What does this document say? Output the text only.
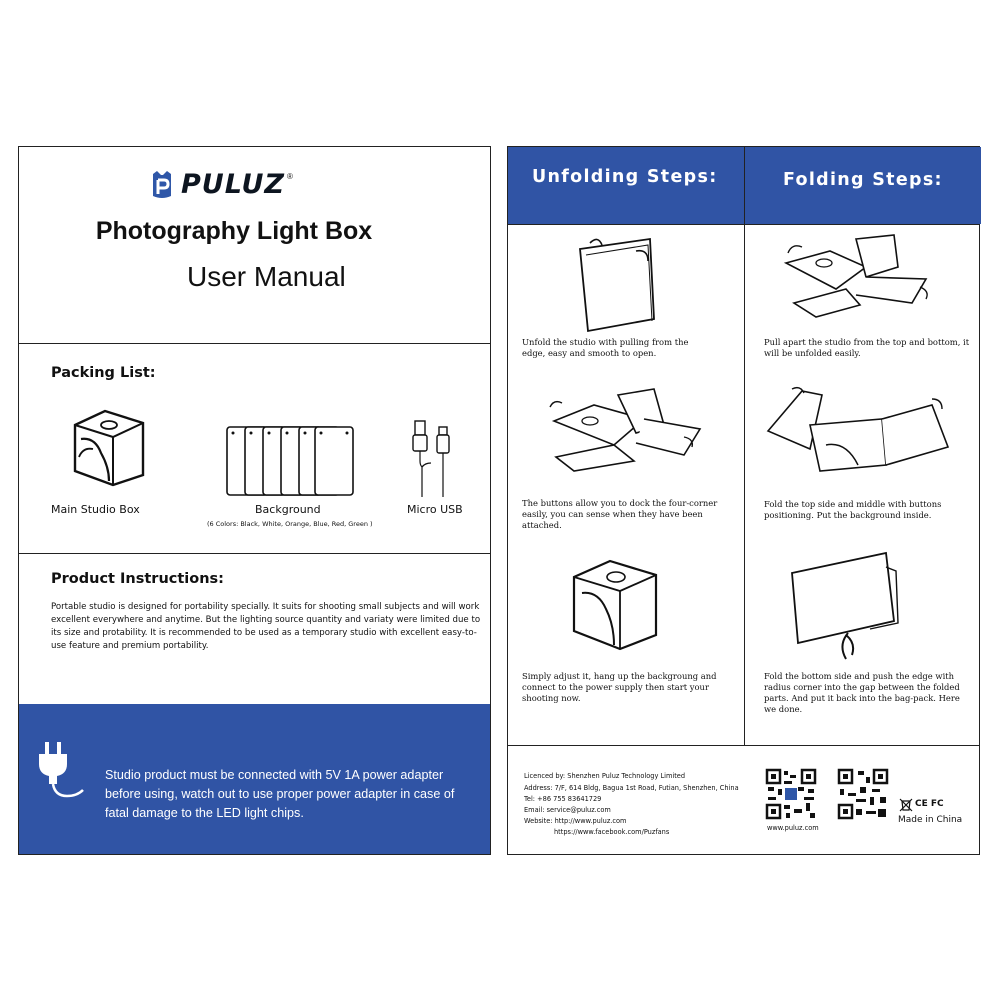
PULUZ ®
Photography Light Box
User Manual
Packing List:
Main Studio Box	Background
(6 Colors: Black, White, Orange, Blue, Red, Green )
Micro USB
Product Instructions:
Portable studio is designed for portability specially. It suits for shooting small subjects and will work excellent everywhere and anytime. But the lighting source quantity and variaty were limited due to its size and protability. It is recommended to be used as a temporary studio with excellent easy-to-use feature and premium portability.
Studio product must be connected with 5V 1A power adapter before using, watch out to use proper power adapter in case of fatal damage to the LED light chips.
Unfolding Steps:	Folding Steps:
Unfold the studio with pulling from the edge, easy and smooth to open.
The buttons allow you to dock the four-corner easily, you can sense when they have been attached.
Simply adjust it, hang up the backgroung and connect to the power supply then start your shooting now.
Pull apart the studio from the top and bottom, it will be unfolded easily.
Fold the top side and middle with buttons positioning. Put the background inside.
Fold the bottom side and push the edge with radius corner into the gap between the folded parts. And put it back into the bag-pack. Here we done.
Licenced by: Shenzhen Puluz Technology Limited
Address: 7/F, 614 Bldg, Bagua 1st Road, Futian, Shenzhen, China
Tel: +86 755 83641729
Email: service@puluz.com
Website: http://www.puluz.com
https://www.facebook.com/Puzfans	www.puluz.com
CE FC
Made in China
